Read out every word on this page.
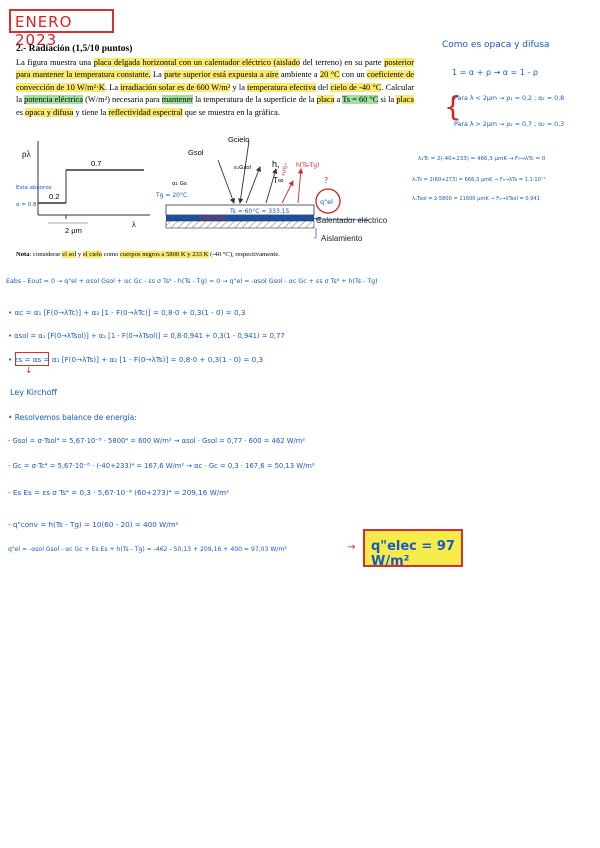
ENERO 2023
2.- Radiación (1,5/10 puntos)

La figura muestra una placa delgada horizontal con un calentador eléctrico (aislado del terreno) en su parte posterior para mantener la temperatura constante. La parte superior está expuesta a aire ambiente a 20 °C con un coeficiente de convección de 10 W/m²·K. La irradiación solar es de 600 W/m² y la temperatura efectiva del cielo de -40 °C. Calcular la potencia eléctrica (W/m²) necesaria para mantener la temperatura de la superficie de la placa a Ts = 60 °C si la placa es opaca y difusa y tiene la reflectividad espectral que se muestra en la gráfica.

Como es opaca y difusa
1 = α + ρ → α = 1 - ρ
{
Para λ < 2μm → ρ₁ = 0,2 ; α₁ = 0,8
Para λ > 2μm → ρ₂ = 0,7 ; α₂ = 0,3
λ₁Tc = 2(-40+233) = 466,3 μmK → F₀→λTc = 0
λ₁Ts = 2(60+273) = 666,3 μmK → F₀→λTs = 1.1·10⁻⁵
λ₁Tsol = 2·5800 = 11600 μmK → F₀→λTsol = 0,941
ρλ
0.7
0.2
λ
2 µm
Esta absorve
α = 0.8
Ts = 60°C = 333.15
Calentador
Gcielo
Gsol
α₁ Gs
ε₁Gsol h,
T∞
εσTs⁴ h(Ts-Tg)
Tg = 20°C
?
q"el
Calentador eléctrico
Aislamiento
Nota: considerar el sol y el cielo como cuerpos negros a 5800 K y 233 K (-40 °C), respectivamente.
Eabs - Eout = 0 → q"el + αsol Gsol + αc Gc - εs σ Ts⁴ - h(Ts - Tg) = 0 → q"el = -αsol Gsol - αc Gc + εs σ Ts⁴ + h(Ts - Tg)
• αc = α₁ [F(0→λTc)] + α₂ [1 - F(0→λTc)] = 0,8·0 + 0,3(1 - 0) = 0,3
• αsol = α₁ [F(0→λTsol)] + α₂ [1 - F(0→λTsol)] = 0,8·0,941 + 0,3(1 - 0,941) = 0,77
• εs = αs = α₁ [F(0→λTs)] + α₂ [1 - F(0→λTs)] = 0,8·0 + 0,3(1 - 0) = 0,3
↓
Ley Kirchoff
• Resolvemos balance de energía:
- Gsol = σ·Tsol⁴ = 5,67·10⁻⁸ · 5800⁴ = 600 W/m² → αsol · Gsol = 0,77 · 600 = 462 W/m²
- Gc = σ·Tc⁴ = 5,67·10⁻⁸ · (-40+233)⁴ = 167,6 W/m² → αc · Gc = 0,3 · 167,6 = 50,13 W/m²
- Es Es = εs σ Ts⁴ = 0,3 · 5,67·10⁻⁸ (60+273)⁴ = 209,16 W/m²
- q"conv = h(Ts - Tg) = 10(60 - 20) = 400 W/m²
q"el = -αsol Gsol - αc Gc + Es Es + h(Ts - Tg) = -462 - 50,13 + 209,16 + 400 = 97,03 W/m²	→ q"elec = 97 W/m²
